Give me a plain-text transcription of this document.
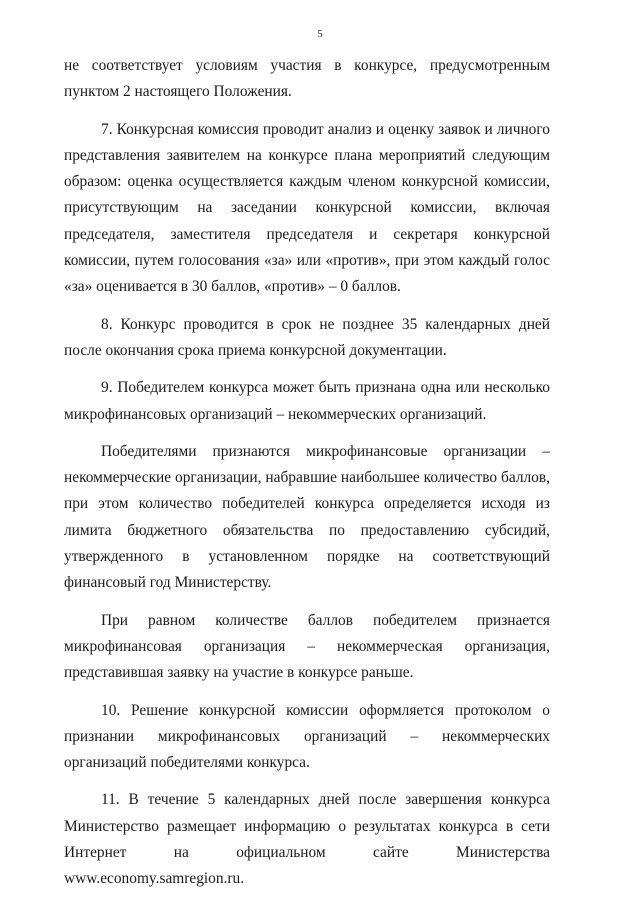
5

не соответствует условиям участия в конкурсе, предусмотренным пунктом 2 настоящего Положения.

7. Конкурсная комиссия проводит анализ и оценку заявок и личного представления заявителем на конкурсе плана мероприятий следующим образом: оценка осуществляется каждым членом конкурсной комиссии, присутствующим на заседании конкурсной комиссии, включая председателя, заместителя председателя и секретаря конкурсной комиссии, путем голосования «за» или «против», при этом каждый голос «за» оценивается в 30 баллов, «против» – 0 баллов.

8. Конкурс проводится в срок не позднее 35 календарных дней после окончания срока приема конкурсной документации.

9. Победителем конкурса может быть признана одна или несколько микрофинансовых организаций – некоммерческих организаций.

Победителями признаются микрофинансовые организации – некоммерческие организации, набравшие наибольшее количество баллов, при этом количество победителей конкурса определяется исходя из лимита бюджетного обязательства по предоставлению субсидий, утвержденного в установленном порядке на соответствующий финансовый год Министерству.

При равном количестве баллов победителем признается микрофинансовая организация – некоммерческая организация, представившая заявку на участие в конкурсе раньше.

10. Решение конкурсной комиссии оформляется протоколом о признании микрофинансовых организаций – некоммерческих организаций победителями конкурса.

11. В течение 5 календарных дней после завершения конкурса Министерство размещает информацию о результатах конкурса в сети Интернет на официальном сайте Министерства www.economy.samregion.ru.
